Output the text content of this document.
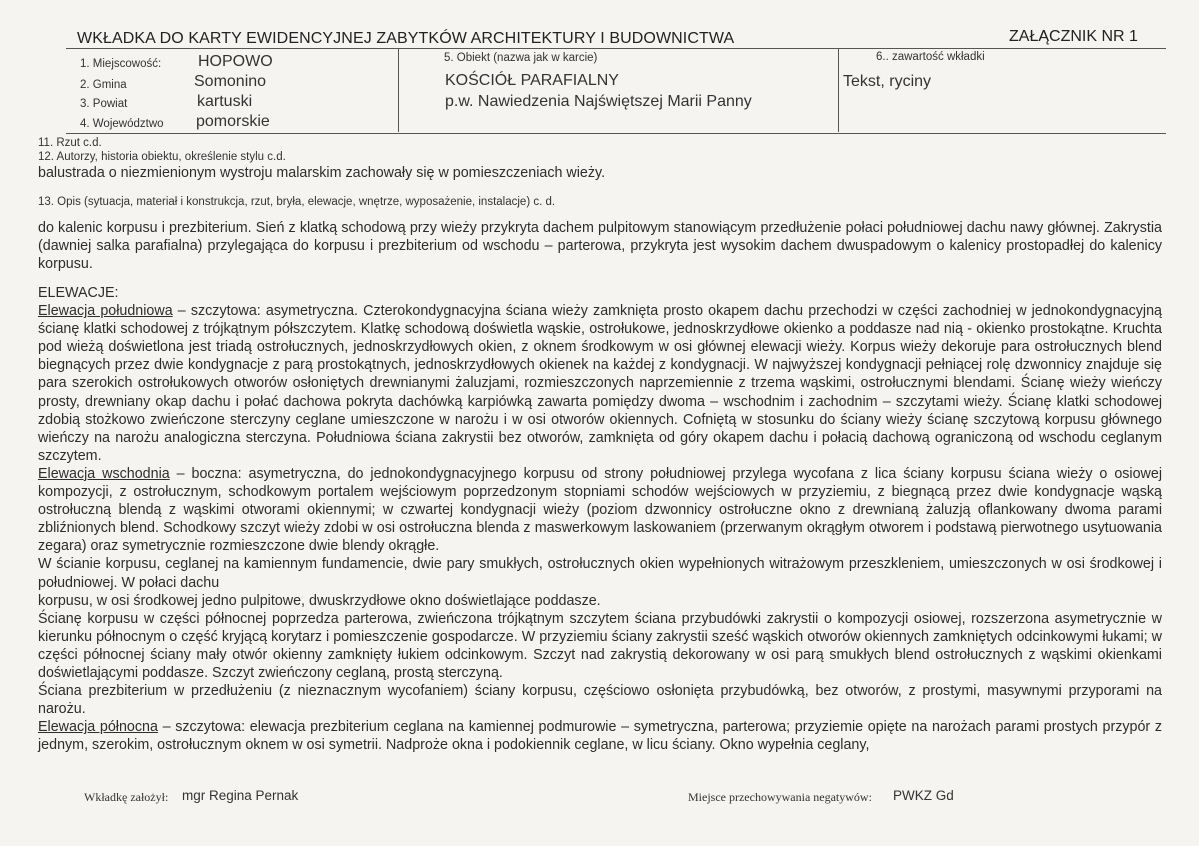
WKŁADKA DO KARTY EWIDENCYJNEJ ZABYTKÓW ARCHITEKTURY I BUDOWNICTWA	ZAŁĄCZNIK NR 1
1. Miejscowość: HOPOWO
2. Gmina	Somonino
3. Powiat	kartuski
4. Województwo pomorskie
5. Obiekt (nazwa jak w karcie)
KOŚCIÓŁ PARAFIALNY
p.w. Nawiedzenia Najświętszej Marii Panny
6.. zawartość wkładki
Tekst, ryciny
11. Rzut c.d.
12. Autorzy, historia obiektu, określenie stylu c.d.
balustrada o niezmienionym wystroju malarskim zachowały się w pomieszczeniach wieży.
13. Opis (sytuacja, materiał i konstrukcja, rzut, bryła, elewacje, wnętrze, wyposażenie, instalacje) c. d.

do kalenic korpusu i prezbiterium. Sień z klatką schodową przy wieży przykryta dachem pulpitowym stanowiącym przedłużenie połaci południowej dachu nawy głównej. Zakrystia (dawniej salka parafialna) przylegająca do korpusu i prezbiterium od wschodu – parterowa, przykryta jest wysokim dachem dwuspadowym o kalenicy prostopadłej do kalenicy korpusu.

ELEWACJE:

Elewacja południowa – szczytowa: asymetryczna. Czterokondygnacyjna ściana wieży zamknięta prosto okapem dachu przechodzi w części zachodniej w jednokondygnacyjną ścianę klatki schodowej z trójkątnym półszczytem. Klatkę schodową doświetla wąskie, ostrołukowe, jednoskrzydłowe okienko a poddasze nad nią - okienko prostokątne. Kruchta pod wieżą doświetlona jest triadą ostrołucznych, jednoskrzydłowych okien, z oknem środkowym w osi głównej elewacji wieży. Korpus wieży dekoruje para ostrołucznych blend biegnących przez dwie kondygnacje z parą prostokątnych, jednoskrzydłowych okienek na każdej z kondygnacji. W najwyższej kondygnacji pełniącej rolę dzwonnicy znajduje się para szerokich ostrołukowych otworów osłoniętych drewnianymi żaluzjami, rozmieszczonych naprzemiennie z trzema wąskimi, ostrołucznymi blendami. Ścianę wieży wieńczy prosty, drewniany okap dachu i połać dachowa pokryta dachówką karpiówką zawarta pomiędzy dwoma – wschodnim i zachodnim – szczytami wieży. Ścianę klatki schodowej zdobią stożkowo zwieńczone sterczyny ceglane umieszczone w narożu i w osi otworów okiennych. Cofniętą w stosunku do ściany wieży ścianę szczytową korpusu głównego wieńczy na narożu analogiczna sterczyna. Południowa ściana zakrystii bez otworów, zamknięta od góry okapem dachu i połacią dachową ograniczoną od wschodu ceglanym szczytem.

Elewacja wschodnia – boczna: asymetryczna, do jednokondygnacyjnego korpusu od strony południowej przylega wycofana z lica ściany korpusu ściana wieży o osiowej kompozycji, z ostrołucznym, schodkowym portalem wejściowym poprzedzonym stopniami schodów wejściowych w przyziemiu, z biegnącą przez dwie kondygnacje wąską ostrołuczną blendą z wąskimi otworami okiennymi; w czwartej kondygnacji wieży (poziom dzwonnicy ostrołuczne okno z drewnianą żaluzją oflankowany dwoma parami zbliźnionych blend. Schodkowy szczyt wieży zdobi w osi ostrołuczna blenda z maswerkowym laskowaniem (przerwanym okrągłym otworem i podstawą pierwotnego usytuowania zegara) oraz symetrycznie rozmieszczone dwie blendy okrągłe.

W ścianie korpusu, ceglanej na kamiennym fundamencie, dwie pary smukłych, ostrołucznych okien wypełnionych witrażowym przeszkleniem, umieszczonych w osi środkowej i południowej. W połaci dachu

korpusu, w osi środkowej jedno pulpitowe, dwuskrzydłowe okno doświetlające poddasze.

Ścianę korpusu w części północnej poprzedza parterowa, zwieńczona trójkątnym szczytem ściana przybudówki zakrystii o kompozycji osiowej, rozszerzona asymetrycznie w kierunku północnym o część kryjącą korytarz i pomieszczenie gospodarcze. W przyziemiu ściany zakrystii sześć wąskich otworów okiennych zamkniętych odcinkowymi łukami; w części północnej ściany mały otwór okienny zamknięty łukiem odcinkowym. Szczyt nad zakrystią dekorowany w osi parą smukłych blend ostrołucznych z wąskimi okienkami doświetlającymi poddasze. Szczyt zwieńczony ceglaną, prostą sterczyną.

Ściana prezbiterium w przedłużeniu (z nieznacznym wycofaniem) ściany korpusu, częściowo osłonięta przybudówką, bez otworów, z prostymi, masywnymi przyporami na narożu.

Elewacja północna – szczytowa: elewacja prezbiterium ceglana na kamiennej podmurowie – symetryczna, parterowa; przyziemie opięte na narożach parami prostych przypór z jednym, szerokim, ostrołucznym oknem w osi symetrii. Nadproże okna i podokiennik ceglane, w licu ściany. Okno wypełnia ceglany,

Wkładkę założył: mgr Regina Pernak	Miejsce przechowywania negatywów: PWKZ Gd
